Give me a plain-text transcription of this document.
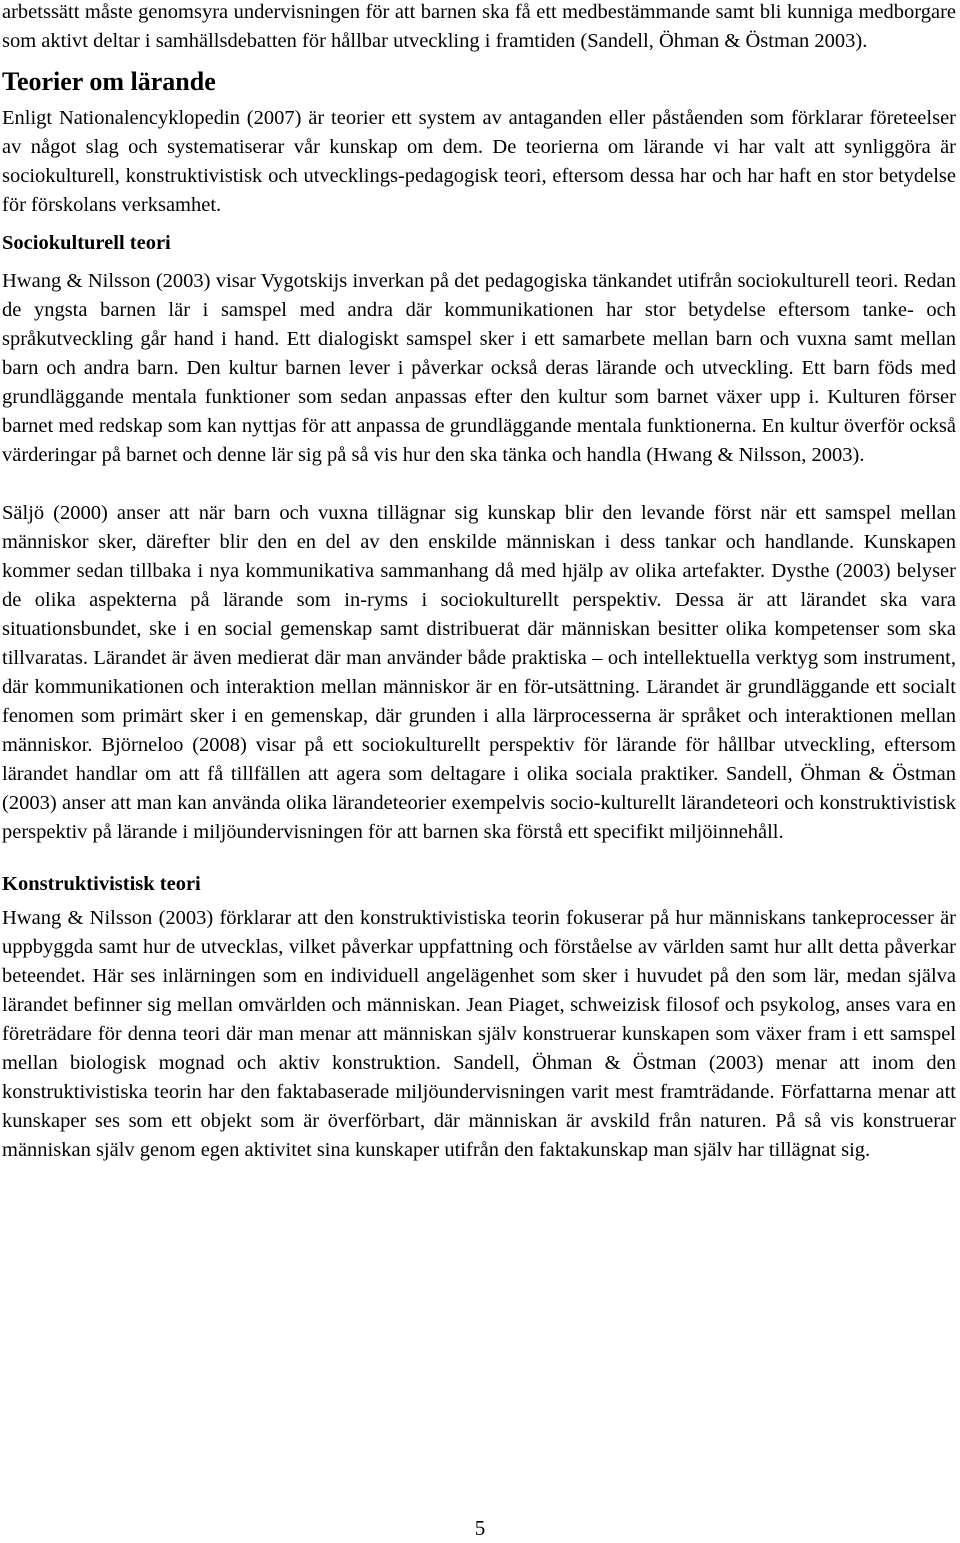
arbetssätt måste genomsyra undervisningen för att barnen ska få ett medbestämmande samt bli kunniga medborgare som aktivt deltar i samhällsdebatten för hållbar utveckling i framtiden (Sandell, Öhman & Östman 2003).

Teorier om lärande

Enligt Nationalencyklopedin (2007) är teorier ett system av antaganden eller påståenden som förklarar företeelser av något slag och systematiserar vår kunskap om dem. De teorierna om lärande vi har valt att synliggöra är sociokulturell, konstruktivistisk och utvecklings-pedagogisk teori, eftersom dessa har och har haft en stor betydelse för förskolans verksamhet.

Sociokulturell teori

Hwang & Nilsson (2003) visar Vygotskijs inverkan på det pedagogiska tänkandet utifrån sociokulturell teori. Redan de yngsta barnen lär i samspel med andra där kommunikationen har stor betydelse eftersom tanke- och språkutveckling går hand i hand. Ett dialogiskt samspel sker i ett samarbete mellan barn och vuxna samt mellan barn och andra barn. Den kultur barnen lever i påverkar också deras lärande och utveckling. Ett barn föds med grundläggande mentala funktioner som sedan anpassas efter den kultur som barnet växer upp i. Kulturen förser barnet med redskap som kan nyttjas för att anpassa de grundläggande mentala funktionerna. En kultur överför också värderingar på barnet och denne lär sig på så vis hur den ska tänka och handla (Hwang & Nilsson, 2003).

Säljö (2000) anser att när barn och vuxna tillägnar sig kunskap blir den levande först när ett samspel mellan människor sker, därefter blir den en del av den enskilde människan i dess tankar och handlande. Kunskapen kommer sedan tillbaka i nya kommunikativa sammanhang då med hjälp av olika artefakter. Dysthe (2003) belyser de olika aspekterna på lärande som in-ryms i sociokulturellt perspektiv. Dessa är att lärandet ska vara situationsbundet, ske i en social gemenskap samt distribuerat där människan besitter olika kompetenser som ska tillvaratas. Lärandet är även medierat där man använder både praktiska – och intellektuella verktyg som instrument, där kommunikationen och interaktion mellan människor är en för-utsättning. Lärandet är grundläggande ett socialt fenomen som primärt sker i en gemenskap, där grunden i alla lärprocesserna är språket och interaktionen mellan människor. Björneloo (2008) visar på ett sociokulturellt perspektiv för lärande för hållbar utveckling, eftersom lärandet handlar om att få tillfällen att agera som deltagare i olika sociala praktiker. Sandell, Öhman & Östman (2003) anser att man kan använda olika lärandeteorier exempelvis socio-kulturellt lärandeteori och konstruktivistisk perspektiv på lärande i miljöundervisningen för att barnen ska förstå ett specifikt miljöinnehåll.

Konstruktivistisk teori

Hwang & Nilsson (2003) förklarar att den konstruktivistiska teorin fokuserar på hur människans tankeprocesser är uppbyggda samt hur de utvecklas, vilket påverkar uppfattning och förståelse av världen samt hur allt detta påverkar beteendet. Här ses inlärningen som en individuell angelägenhet som sker i huvudet på den som lär, medan själva lärandet befinner sig mellan omvärlden och människan. Jean Piaget, schweizisk filosof och psykolog, anses vara en företrädare för denna teori där man menar att människan själv konstruerar kunskapen som växer fram i ett samspel mellan biologisk mognad och aktiv konstruktion. Sandell, Öhman & Östman (2003) menar att inom den konstruktivistiska teorin har den faktabaserade miljöundervisningen varit mest framträdande. Författarna menar att kunskaper ses som ett objekt som är överförbart, där människan är avskild från naturen. På så vis konstruerar människan själv genom egen aktivitet sina kunskaper utifrån den faktakunskap man själv har tillägnat sig.

5
